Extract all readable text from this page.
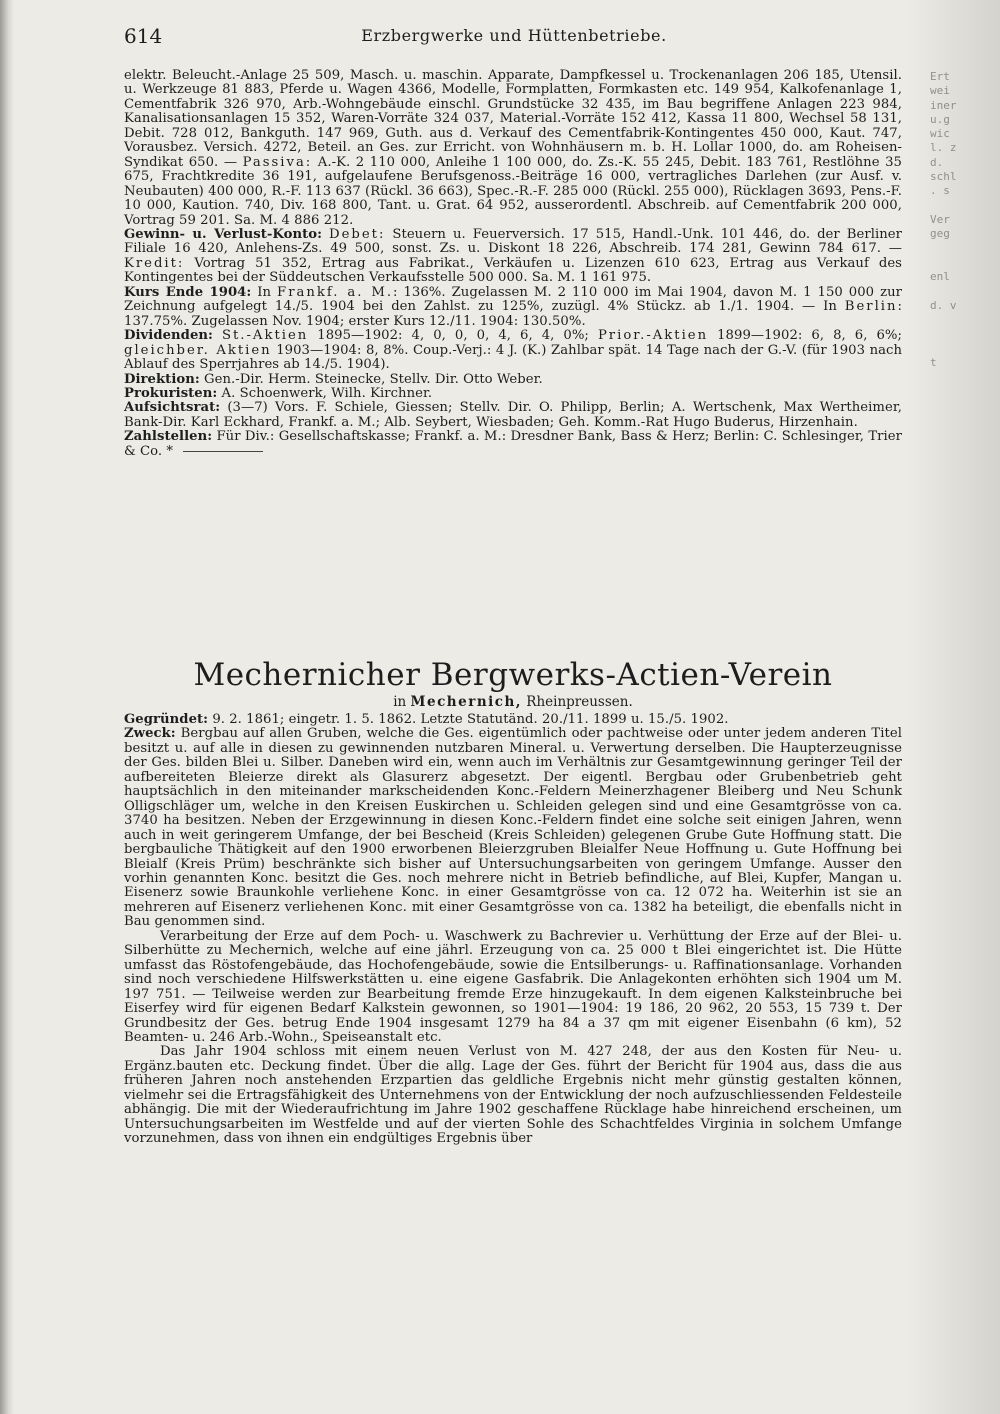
Ert
wei
iner
u.g
wic
l. z
d.
schl
. s

Ver
geg

enl

d. v

t
614	Erzbergwerke und Hüttenbetriebe.

elektr. Beleucht.-Anlage 25 509, Masch. u. maschin. Apparate, Dampfkessel u. Trockenanlagen 206 185, Utensil. u. Werkzeuge 81 883, Pferde u. Wagen 4366, Modelle, Formplatten, Formkasten etc. 149 954, Kalkofenanlage 1, Cementfabrik 326 970, Arb.-Wohngebäude einschl. Grundstücke 32 435, im Bau begriffene Anlagen 223 984, Kanalisationsanlagen 15 352, Waren-Vorräte 324 037, Material.-Vorräte 152 412, Kassa 11 800, Wechsel 58 131, Debit. 728 012, Bankguth. 147 969, Guth. aus d. Verkauf des Cementfabrik-Kontingentes 450 000, Kaut. 747, Vorausbez. Versich. 4272, Beteil. an Ges. zur Erricht. von Wohnhäusern m. b. H. Lollar 1000, do. am Roheisen-Syndikat 650. — Passiva: A.-K. 2 110 000, Anleihe 1 100 000, do. Zs.-K. 55 245, Debit. 183 761, Restlöhne 35 675, Frachtkredite 36 191, aufgelaufene Berufsgenoss.-Beiträge 16 000, vertragliches Darlehen (zur Ausf. v. Neubauten) 400 000, R.-F. 113 637 (Rückl. 36 663), Spec.-R.-F. 285 000 (Rückl. 255 000), Rücklagen 3693, Pens.-F. 10 000, Kaution. 740, Div. 168 800, Tant. u. Grat. 64 952, ausserordentl. Abschreib. auf Cementfabrik 200 000, Vortrag 59 201. Sa. M. 4 886 212.

Gewinn- u. Verlust-Konto: Debet: Steuern u. Feuerversich. 17 515, Handl.-Unk. 101 446, do. der Berliner Filiale 16 420, Anlehens-Zs. 49 500, sonst. Zs. u. Diskont 18 226, Abschreib. 174 281, Gewinn 784 617. — Kredit: Vortrag 51 352, Ertrag aus Fabrikat., Verkäufen u. Lizenzen 610 623, Ertrag aus Verkauf des Kontingentes bei der Süddeutschen Verkaufsstelle 500 000. Sa. M. 1 161 975.

Kurs Ende 1904: In Frankf. a. M.: 136%. Zugelassen M. 2 110 000 im Mai 1904, davon M. 1 150 000 zur Zeichnung aufgelegt 14./5. 1904 bei den Zahlst. zu 125%, zuzügl. 4% Stückz. ab 1./1. 1904. — In Berlin: 137.75%. Zugelassen Nov. 1904; erster Kurs 12./11. 1904: 130.50%.

Dividenden: St.-Aktien 1895—1902: 4, 0, 0, 0, 4, 6, 4, 0%; Prior.-Aktien 1899—1902: 6, 8, 6, 6%; gleichber. Aktien 1903—1904: 8, 8%. Coup.-Verj.: 4 J. (K.) Zahlbar spät. 14 Tage nach der G.-V. (für 1903 nach Ablauf des Sperrjahres ab 14./5. 1904).

Direktion: Gen.-Dir. Herm. Steinecke, Stellv. Dir. Otto Weber.

Prokuristen: A. Schoenwerk, Wilh. Kirchner.

Aufsichtsrat: (3—7) Vors. F. Schiele, Giessen; Stellv. Dir. O. Philipp, Berlin; A. Wertschenk, Max Wertheimer, Bank-Dir. Karl Eckhard, Frankf. a. M.; Alb. Seybert, Wiesbaden; Geh. Komm.-Rat Hugo Buderus, Hirzenhain.

Zahlstellen: Für Div.: Gesellschaftskasse; Frankf. a. M.: Dresdner Bank, Bass & Herz; Berlin: C. Schlesinger, Trier & Co. *

Mechernicher Bergwerks-Actien-Verein
in Mechernich, Rheinpreussen.

Gegründet: 9. 2. 1861; eingetr. 1. 5. 1862. Letzte Statutänd. 20./11. 1899 u. 15./5. 1902.

Zweck: Bergbau auf allen Gruben, welche die Ges. eigentümlich oder pachtweise oder unter jedem anderen Titel besitzt u. auf alle in diesen zu gewinnenden nutzbaren Mineral. u. Verwertung derselben. Die Haupterzeugnisse der Ges. bilden Blei u. Silber. Daneben wird ein, wenn auch im Verhältnis zur Gesamtgewinnung geringer Teil der aufbereiteten Bleierze direkt als Glasurerz abgesetzt. Der eigentl. Bergbau oder Grubenbetrieb geht hauptsächlich in den miteinander markscheidenden Konc.-Feldern Meinerzhagener Bleiberg und Neu Schunk Olligschläger um, welche in den Kreisen Euskirchen u. Schleiden gelegen sind und eine Gesamtgrösse von ca. 3740 ha besitzen. Neben der Erzgewinnung in diesen Konc.-Feldern findet eine solche seit einigen Jahren, wenn auch in weit geringerem Umfange, der bei Bescheid (Kreis Schleiden) gelegenen Grube Gute Hoffnung statt. Die bergbauliche Thätigkeit auf den 1900 erworbenen Bleierzgruben Bleialfer Neue Hoffnung u. Gute Hoffnung bei Bleialf (Kreis Prüm) beschränkte sich bisher auf Untersuchungsarbeiten von geringem Umfange. Ausser den vorhin genannten Konc. besitzt die Ges. noch mehrere nicht in Betrieb befindliche, auf Blei, Kupfer, Mangan u. Eisenerz sowie Braunkohle verliehene Konc. in einer Gesamtgrösse von ca. 12 072 ha. Weiterhin ist sie an mehreren auf Eisenerz verliehenen Konc. mit einer Gesamtgrösse von ca. 1382 ha beteiligt, die ebenfalls nicht in Bau genommen sind.

Verarbeitung der Erze auf dem Poch- u. Waschwerk zu Bachrevier u. Verhüttung der Erze auf der Blei- u. Silberhütte zu Mechernich, welche auf eine jährl. Erzeugung von ca. 25 000 t Blei eingerichtet ist. Die Hütte umfasst das Röstofengebäude, das Hochofengebäude, sowie die Entsilberungs- u. Raffinationsanlage. Vorhanden sind noch verschiedene Hilfswerkstätten u. eine eigene Gasfabrik. Die Anlagekonten erhöhten sich 1904 um M. 197 751. — Teilweise werden zur Bearbeitung fremde Erze hinzugekauft. In dem eigenen Kalksteinbruche bei Eiserfey wird für eigenen Bedarf Kalkstein gewonnen, so 1901—1904: 19 186, 20 962, 20 553, 15 739 t. Der Grundbesitz der Ges. betrug Ende 1904 insgesamt 1279 ha 84 a 37 qm mit eigener Eisenbahn (6 km), 52 Beamten- u. 246 Arb.-Wohn., Speiseanstalt etc.

Das Jahr 1904 schloss mit einem neuen Verlust von M. 427 248, der aus den Kosten für Neu- u. Ergänz.bauten etc. Deckung findet. Über die allg. Lage der Ges. führt der Bericht für 1904 aus, dass die aus früheren Jahren noch anstehenden Erzpartien das geldliche Ergebnis nicht mehr günstig gestalten können, vielmehr sei die Ertragsfähigkeit des Unternehmens von der Entwicklung der noch aufzuschliessenden Feldesteile abhängig. Die mit der Wiederaufrichtung im Jahre 1902 geschaffene Rücklage habe hinreichend erscheinen, um Untersuchungsarbeiten im Westfelde und auf der vierten Sohle des Schachtfeldes Virginia in solchem Umfange vorzunehmen, dass von ihnen ein endgültiges Ergebnis über
